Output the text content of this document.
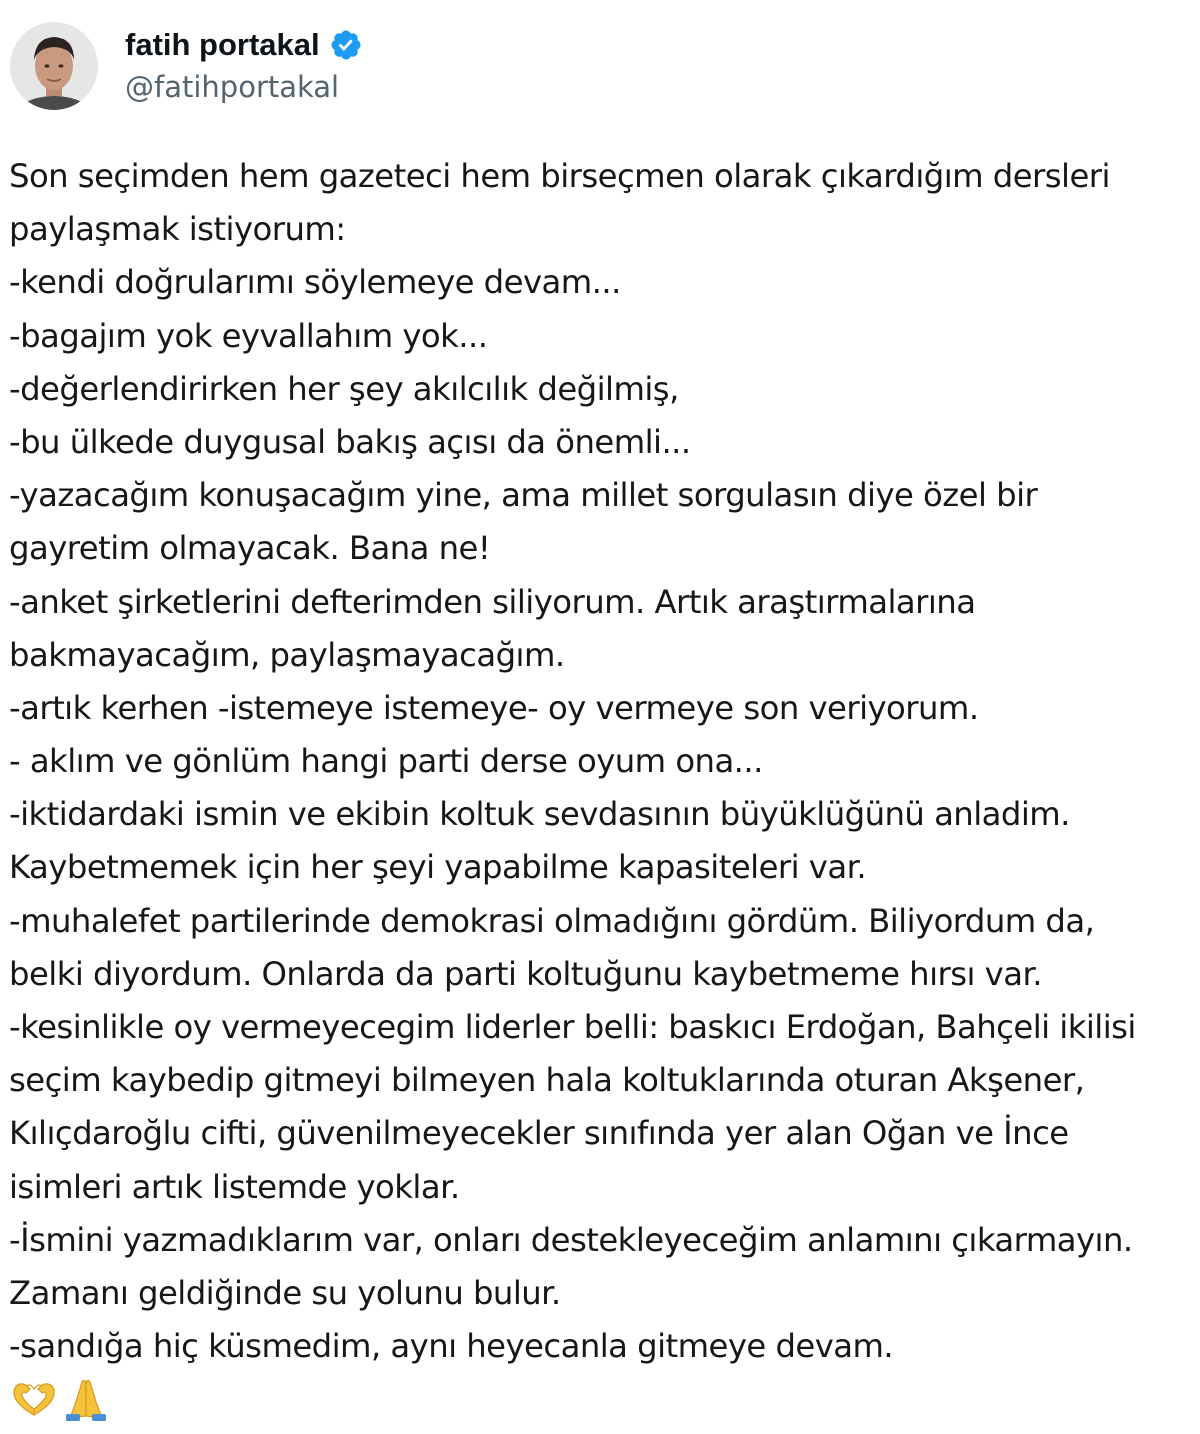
fatih portakal
@fatihportakal
Son seçimden hem gazeteci hem birseçmen olarak çıkardığım dersleri
paylaşmak istiyorum:
-kendi doğrularımı söylemeye devam...
-bagajım yok eyvallahım yok...
-değerlendirirken her şey akılcılık değilmiş,
-bu ülkede duygusal bakış açısı da önemli...
-yazacağım konuşacağım yine, ama millet sorgulasın diye özel bir
gayretim olmayacak. Bana ne!
-anket şirketlerini defterimden siliyorum. Artık araştırmalarına
bakmayacağım, paylaşmayacağım.
-artık kerhen -istemeye istemeye- oy vermeye son veriyorum.
- aklım ve gönlüm hangi parti derse oyum ona...
-iktidardaki ismin ve ekibin koltuk sevdasının büyüklüğünü anladim.
Kaybetmemek için her şeyi yapabilme kapasiteleri var.
-muhalefet partilerinde demokrasi olmadığını gördüm. Biliyordum da,
belki diyordum. Onlarda da parti koltuğunu kaybetmeme hırsı var.
-kesinlikle oy vermeyecegim liderler belli: baskıcı Erdoğan, Bahçeli ikilisi
seçim kaybedip gitmeyi bilmeyen hala koltuklarında oturan Akşener,
Kılıçdaroğlu cifti, güvenilmeyecekler sınıfında yer alan Oğan ve İnce
isimleri artık listemde yoklar.
-İsmini yazmadıklarım var, onları destekleyeceğim anlamını çıkarmayın.
Zamanı geldiğinde su yolunu bulur.
-sandığa hiç küsmedim, aynı heyecanla gitmeye devam.
